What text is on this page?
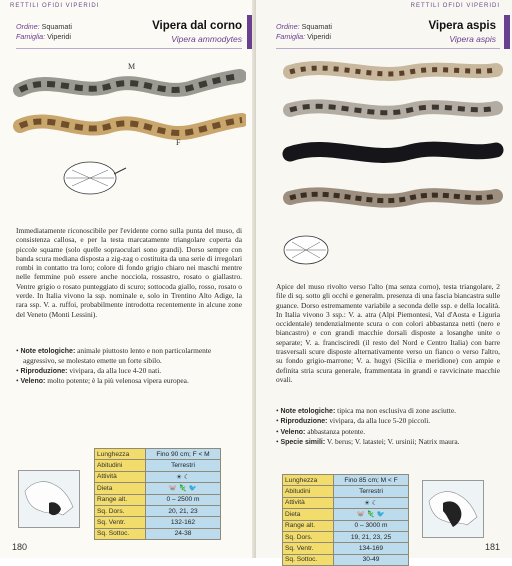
RETTILI OFIDI VIPERIDI
Ordine: Squamati
Famiglia: Viperidi
Vipera dal corno
Vipera ammodytes
M
F
Immediatamente riconoscibile per l'evidente corno sulla punta del muso, di consistenza callosa, e per la testa marcatamente triangolare coperta da piccole squame (solo quelle sopraoculari sono grandi). Dorso sempre con banda scura mediana disposta a zig-zag o costituita da una serie di irregolari rombi in contatto tra loro; colore di fondo grigio chiaro nei maschi mentre nelle femmine può essere anche nocciola, rossastro, rosato o giallastro. Ventre grigio o rosato punteggiato di scuro; sottocoda giallo, rosso, rosato o verde. In Italia vivono la ssp. nominale e, solo in Trentino Alto Adige, la rara ssp. V. a. ruffoi, probabilmente introdotta recentemente in alcune zone del Veneto (Monti Lessini).
• Note etologiche: animale piuttosto lento e non particolarmente aggressivo, se molestato emette un forte sibilo.
• Riproduzione: vivipara, da alla luce 4-20 nati.
• Veleno: molto potente; è la più velenosa vipera europea.
Lunghezza	Fino 90 cm; F < M
Abitudini	Terrestri
Attività	☀ ☾
Dieta	🐭 🦎 🐦
Range alt.	0 – 2500 m
Sq. Dors.	20, 21, 23
Sq. Ventr.	132-162
Sq. Sottoc.	24-38
180
RETTILI OFIDI VIPERIDI
Ordine: Squamati
Famiglia: Viperidi
Vipera aspis
Vipera aspis
Apice del muso rivolto verso l'alto (ma senza corno), testa triangolare, 2 file di sq. sotto gli occhi e generalm. presenza di una fascia biancastra sulle guance. Dorso estremamente variabile a seconda delle ssp. e della località. In Italia vivono 3 ssp.: V. a. atra (Alpi Piemontesi, Val d'Aosta e Liguria occidentale) tendenzialmente scura o con colori abbastanza netti (nero e biancastro) e con grandi macchie dorsali disposte a losanghe unite o separate; V. a. francisciredi (il resto del Nord e Centro Italia) con barre trasversali scure disposte alternativamente verso un fianco o verso l'altro, su fondo grigio-marrone; V. a. hugyi (Sicilia e meridione) con ampie e definita stria scura generale, frammentata in grandi e ravvicinate macchie ovali.
• Note etologiche: tipica ma non esclusiva di zone asciutte.
• Riproduzione: vivipara, da alla luce 5-20 piccoli.
• Veleno: abbastanza potente.
• Specie simili: V. berus; V. latastei; V. ursinii; Natrix maura.
Lunghezza	Fino 85 cm; M < F
Abitudini	Terrestri
Attività	☀ ☾
Dieta	🐭 🦎 🐦
Range alt.	0 – 3000 m
Sq. Dors.	19, 21, 23, 25
Sq. Ventr.	134-169
Sq. Sottoc.	30-49
181
